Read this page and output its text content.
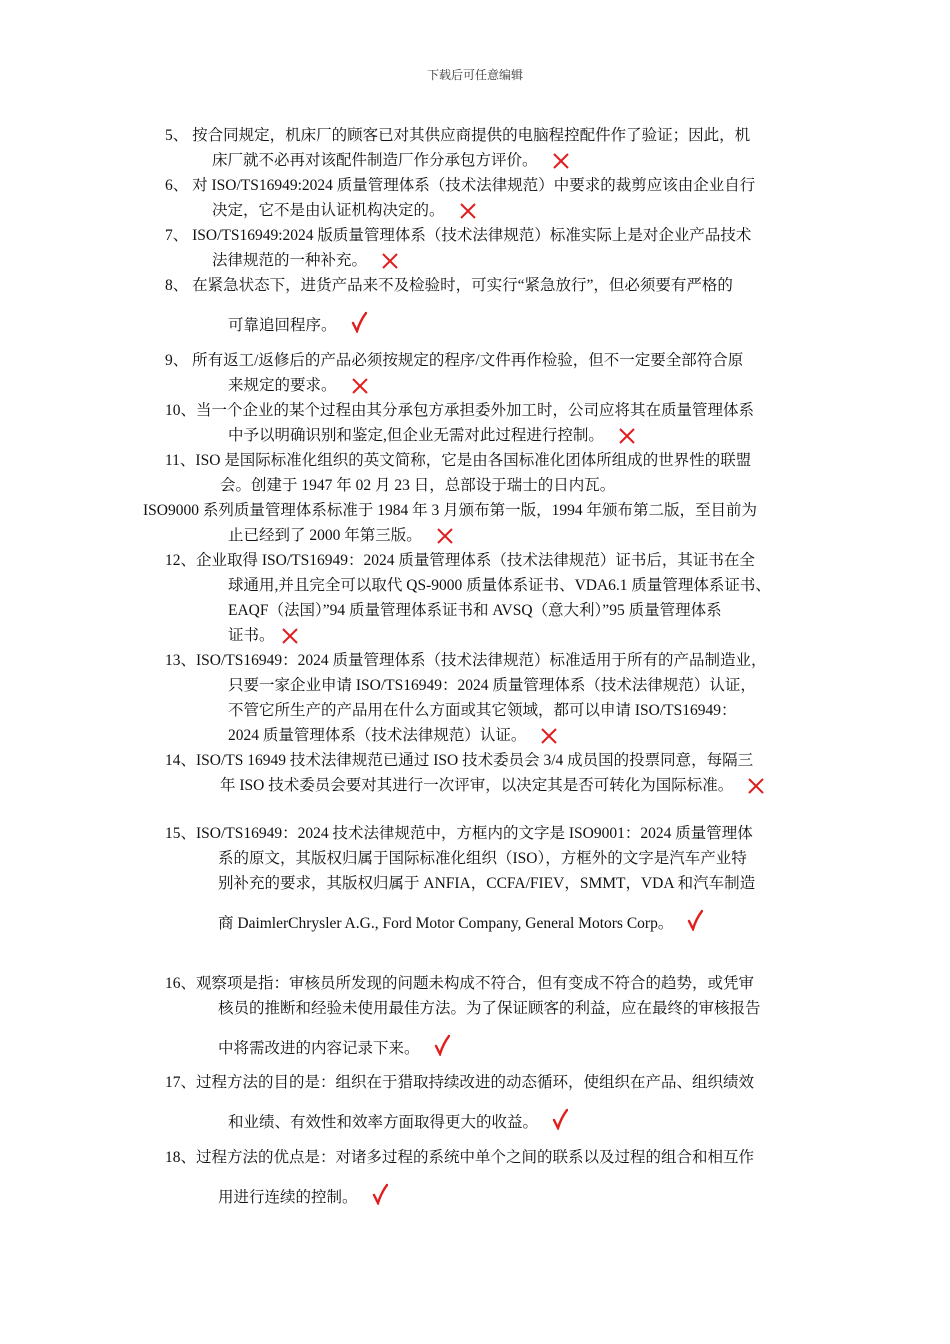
下载后可任意编辑
5、 按合同规定，机床厂的顾客已对其供应商提供的电脑程控配件作了验证；因此，机
床厂就不必再对该配件制造厂作分承包方评价。
6、 对 ISO/TS16949:2024 质量管理体系（技术法律规范）中要求的裁剪应该由企业自行
决定，它不是由认证机构决定的。
7、 ISO/TS16949:2024 版质量管理体系（技术法律规范）标准实际上是对企业产品技术
法律规范的一种补充。
8、 在紧急状态下，进货产品来不及检验时，可实行“紧急放行”，但必须要有严格的
可靠追回程序。
9、 所有返工/返修后的产品必须按规定的程序/文件再作检验，但不一定要全部符合原
来规定的要求。
10、当一个企业的某个过程由其分承包方承担委外加工时，公司应将其在质量管理体系
中予以明确识别和鉴定,但企业无需对此过程进行控制。
11、ISO 是国际标准化组织的英文简称，它是由各国标准化团体所组成的世界性的联盟
会。创建于 1947 年 02 月 23 日，总部设于瑞士的日内瓦。
ISO9000 系列质量管理体系标准于 1984 年 3 月颁布第一版，1994 年颁布第二版，至目前为
止已经到了 2000 年第三版。
12、企业取得 ISO/TS16949：2024 质量管理体系（技术法律规范）证书后，其证书在全
球通用,并且完全可以取代 QS-9000 质量体系证书、VDA6.1 质量管理体系证书、
EAQF（法国）”94 质量管理体系证书和 AVSQ（意大利）”95 质量管理体系
证书。
13、ISO/TS16949：2024 质量管理体系（技术法律规范）标准适用于所有的产品制造业，
只要一家企业申请 ISO/TS16949：2024 质量管理体系（技术法律规范）认证，
不管它所生产的产品用在什么方面或其它领域，都可以申请 ISO/TS16949：
2024 质量管理体系（技术法律规范）认证。
14、ISO/TS 16949 技术法律规范已通过 ISO 技术委员会 3/4 成员国的投票同意，每隔三
年 ISO 技术委员会要对其进行一次评审，以决定其是否可转化为国际标准。
15、ISO/TS16949：2024 技术法律规范中，方框内的文字是 ISO9001：2024 质量管理体
系的原文，其版权归属于国际标准化组织（ISO），方框外的文字是汽车产业特
别补充的要求，其版权归属于 ANFIA，CCFA/FIEV，SMMT，VDA 和汽车制造
商 DaimlerChrysler A.G., Ford Motor Company, General Motors Corp。
16、观察项是指：审核员所发现的问题未构成不符合，但有变成不符合的趋势，或凭审
核员的推断和经验未使用最佳方法。为了保证顾客的利益，应在最终的审核报告
中将需改进的内容记录下来。
17、过程方法的目的是：组织在于猎取持续改进的动态循环，使组织在产品、组织绩效
和业绩、有效性和效率方面取得更大的收益。
18、过程方法的优点是：对诸多过程的系统中单个之间的联系以及过程的组合和相互作
用进行连续的控制。
